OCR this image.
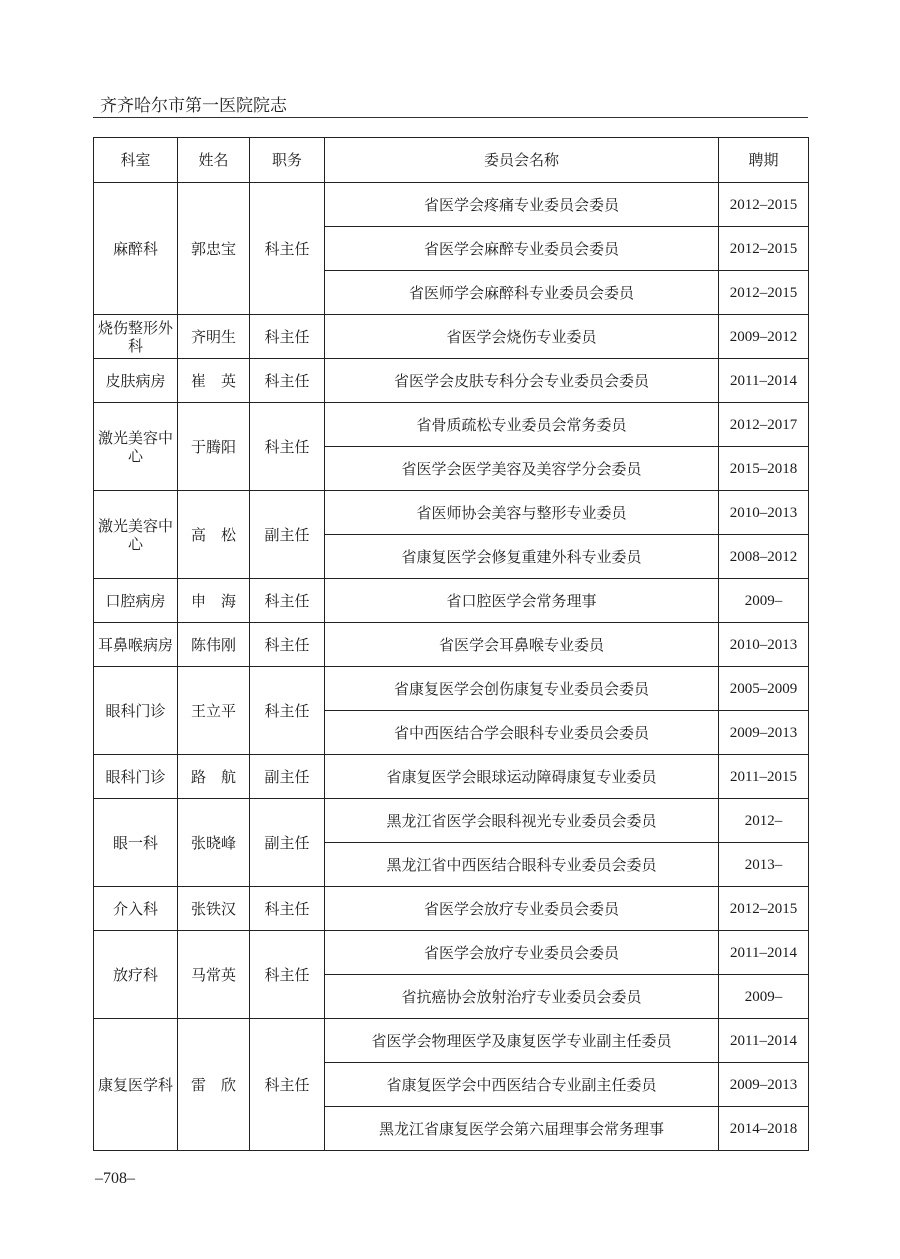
齐齐哈尔市第一医院院志
科室	姓名	职务	委员会名称	聘期
麻醉科	郭忠宝	科主任	省医学会疼痛专业委员会委员	2012–2015
			省医学会麻醉专业委员会委员	2012–2015
			省医师学会麻醉科专业委员会委员	2012–2015
烧伤整形外科	齐明生	科主任	省医学会烧伤专业委员	2009–2012
皮肤病房	崔　英	科主任	省医学会皮肤专科分会专业委员会委员	2011–2014
激光美容中心	于腾阳	科主任	省骨质疏松专业委员会常务委员	2012–2017
			省医学会医学美容及美容学分会委员	2015–2018
激光美容中心	高　松	副主任	省医师协会美容与整形专业委员	2010–2013
			省康复医学会修复重建外科专业委员	2008–2012
口腔病房	申　海	科主任	省口腔医学会常务理事	2009–
耳鼻喉病房	陈伟刚	科主任	省医学会耳鼻喉专业委员	2010–2013
眼科门诊	王立平	科主任	省康复医学会创伤康复专业委员会委员	2005–2009
			省中西医结合学会眼科专业委员会委员	2009–2013
眼科门诊	路　航	副主任	省康复医学会眼球运动障碍康复专业委员	2011–2015
眼一科	张晓峰	副主任	黑龙江省医学会眼科视光专业委员会委员	2012–
			黑龙江省中西医结合眼科专业委员会委员	2013–
介入科	张铁汉	科主任	省医学会放疗专业委员会委员	2012–2015
放疗科	马常英	科主任	省医学会放疗专业委员会委员	2011–2014
			省抗癌协会放射治疗专业委员会委员	2009–
康复医学科	雷　欣	科主任	省医学会物理医学及康复医学专业副主任委员	2011–2014
			省康复医学会中西医结合专业副主任委员	2009–2013
			黑龙江省康复医学会第六届理事会常务理事	2014–2018
–708–
